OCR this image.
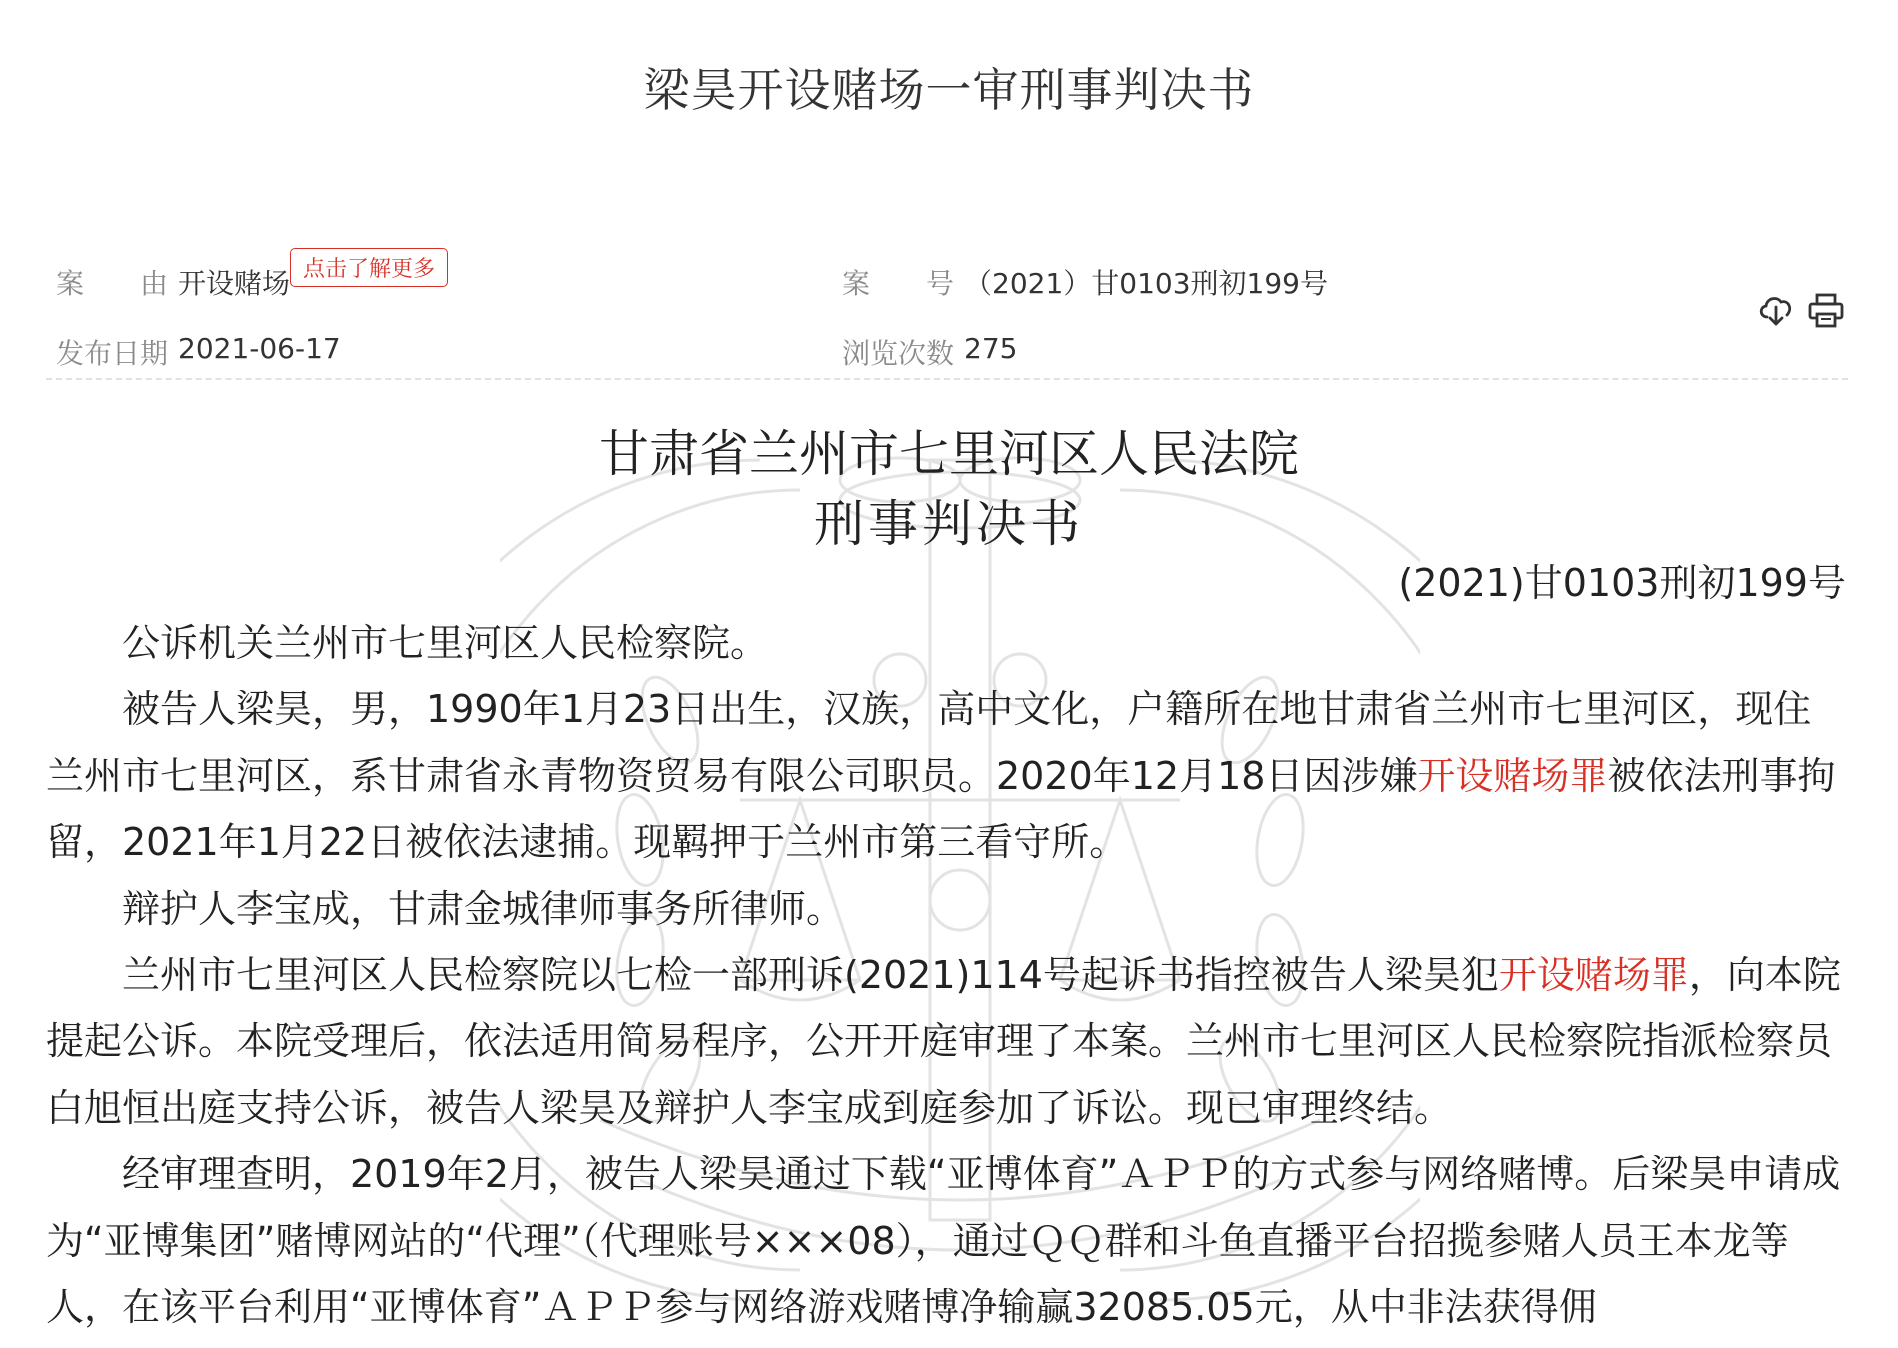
梁昊开设赌场一审刑事判决书
案 由 开设赌场 点击了解更多	案 号 （2021）甘0103刑初199号
发布日期 2021-06-17	浏览次数 275
甘肃省兰州市七里河区人民法院
刑事判决书
(2021)甘0103刑初199号

公诉机关兰州市七里河区人民检察院。

被告人梁昊，男，1990年1月23日出生，汉族，高中文化，户籍所在地甘肃省兰州市七里河区，现住兰州市七里河区，系甘肃省永青物资贸易有限公司职员。2020年12月18日因涉嫌开设赌场罪被依法刑事拘留，2021年1月22日被依法逮捕。现羁押于兰州市第三看守所。

辩护人李宝成，甘肃金城律师事务所律师。

兰州市七里河区人民检察院以七检一部刑诉(2021)114号起诉书指控被告人梁昊犯开设赌场罪，向本院提起公诉。本院受理后，依法适用简易程序，公开开庭审理了本案。兰州市七里河区人民检察院指派检察员白旭恒出庭支持公诉，被告人梁昊及辩护人李宝成到庭参加了诉讼。现已审理终结。

经审理查明，2019年2月，被告人梁昊通过下载“亚博体育”ＡＰＰ的方式参与网络赌博。后梁昊申请成为“亚博集团”赌博网站的“代理”（代理账号×××08），通过ＱＱ群和斗鱼直播平台招揽参赌人员王本龙等人，在该平台利用“亚博体育”ＡＰＰ参与网络游戏赌博净输赢32085.05元，从中非法获得佣
